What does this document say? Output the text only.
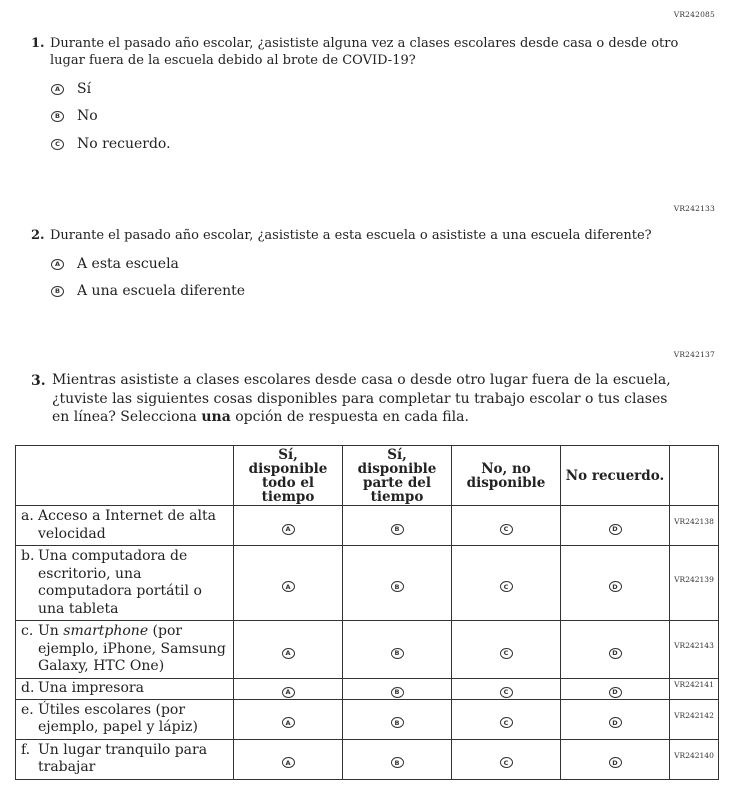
VR242085
1. Durante el pasado año escolar, ¿asististe alguna vez a clases escolares desde casa o desde otro
lugar fuera de la escuela debido al brote de COVID-19?
A Sí
B No
C No recuerdo.
VR242133
2. Durante el pasado año escolar, ¿asististe a esta escuela o asististe a una escuela diferente?
A A esta escuela
B A una escuela diferente
VR242137
3. Mientras asististe a clases escolares desde casa o desde otro lugar fuera de la escuela,
¿tuviste las siguientes cosas disponibles para completar tu trabajo escolar o tus clases
en línea? Selecciona una opción de respuesta en cada fila.
	Sí, disponible todo el tiempo	Sí, disponible parte del tiempo	No, no disponible	No recuerdo.	

a. Acceso a Internet de alta velocidad	A	B	C	D	VR242138

b. Una computadora de escritorio, una computadora portátil o una tableta	A	B	C	D	VR242139

c. Un smartphone (por ejemplo, iPhone, Samsung Galaxy, HTC One)	A	B	C	D	VR242143

d. Una impresora	A	B	C	D	VR242141

e. Útiles escolares (por ejemplo, papel y lápiz)	A	B	C	D	VR242142

f. Un lugar tranquilo para trabajar	A	B	C	D	VR242140
